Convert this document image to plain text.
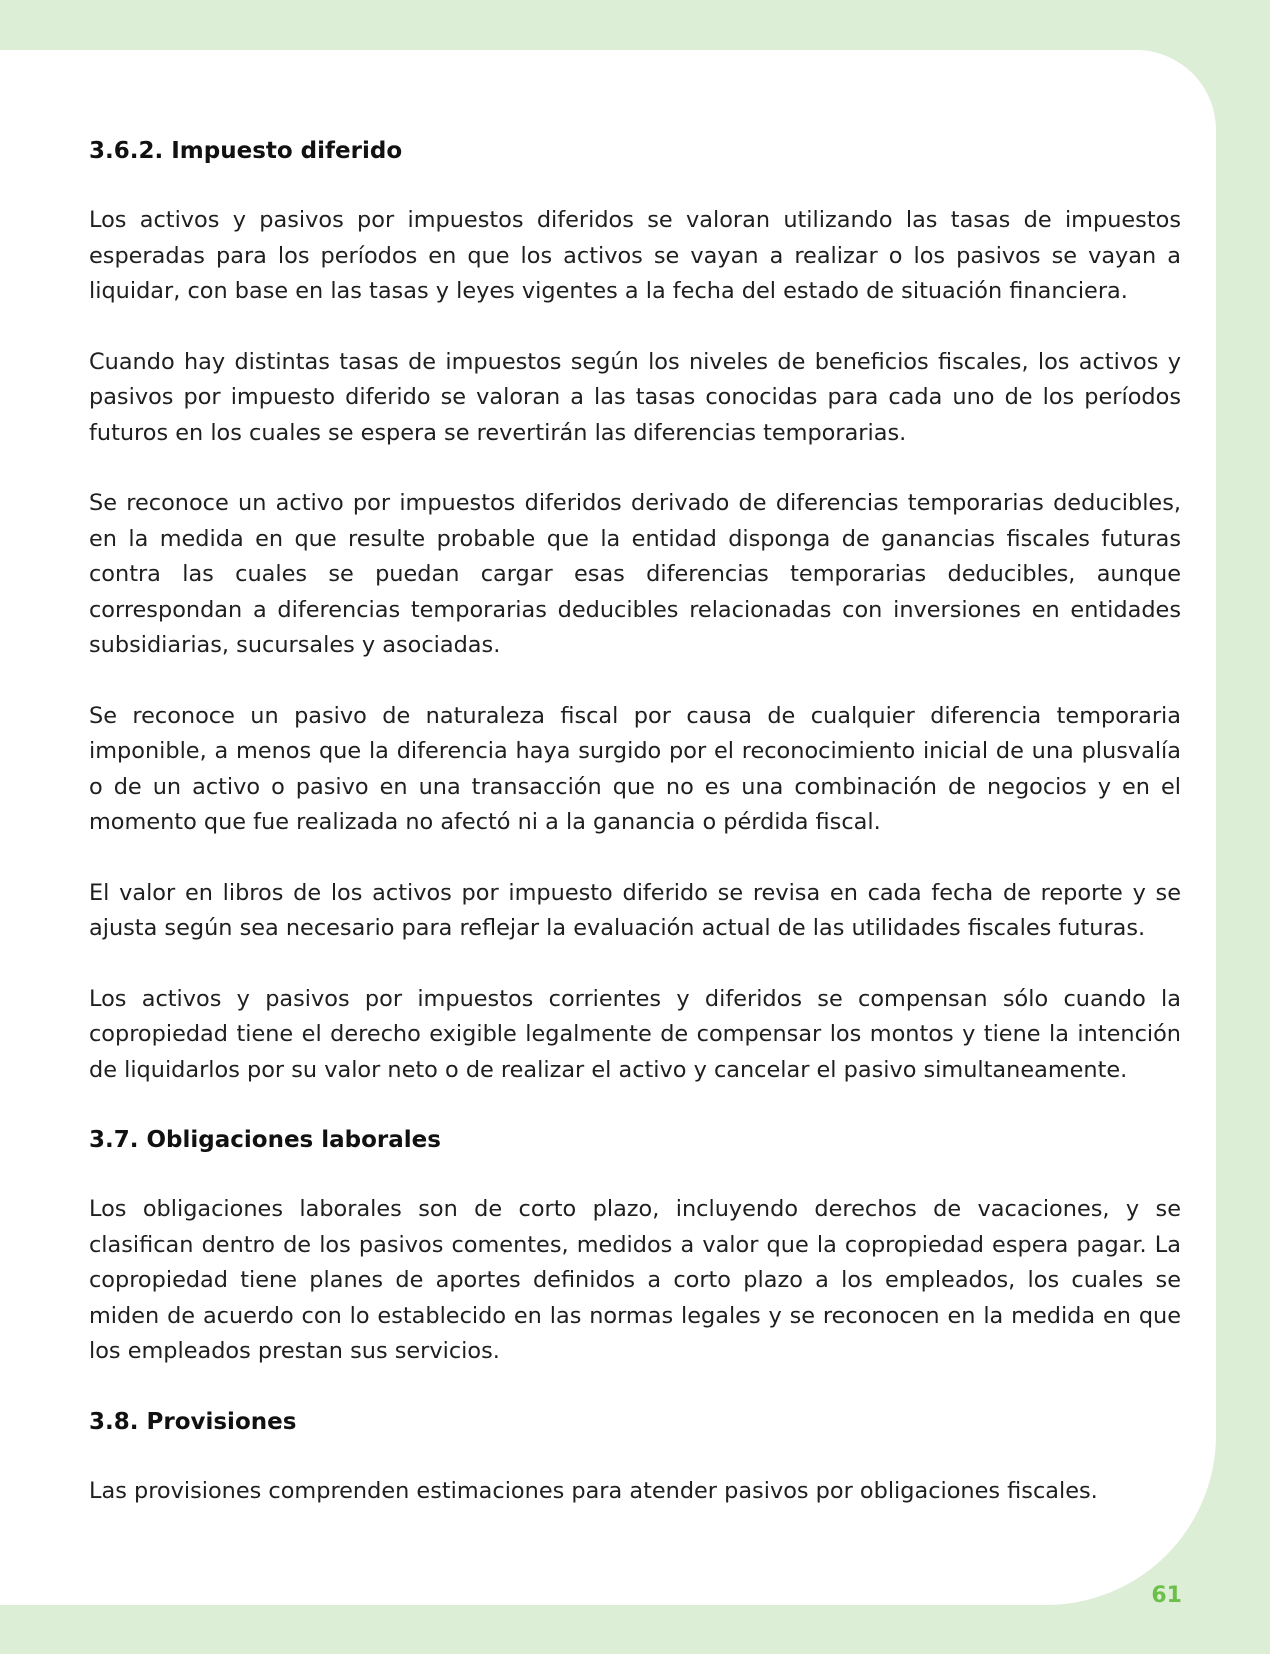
3.6.2. Impuesto diferido

Los activos y pasivos por impuestos diferidos se valoran utilizando las tasas de impuestos esperadas para los períodos en que los activos se vayan a realizar o los pasivos se vayan a liquidar, con base en las tasas y leyes vigentes a la fecha del estado de situación financiera.

Cuando hay distintas tasas de impuestos según los niveles de beneficios fiscales, los activos y pasivos por impuesto diferido se valoran a las tasas conocidas para cada uno de los períodos futuros en los cuales se espera se revertirán las diferencias temporarias.

Se reconoce un activo por impuestos diferidos derivado de diferencias temporarias deducibles, en la medida en que resulte probable que la entidad disponga de ganancias fiscales futuras contra las cuales se puedan cargar esas diferencias temporarias deducibles, aunque correspondan a diferencias temporarias deducibles relacionadas con inversiones en entidades subsidiarias, sucursales y asociadas.

Se reconoce un pasivo de naturaleza fiscal por causa de cualquier diferencia temporaria imponible, a menos que la diferencia haya surgido por el reconocimiento inicial de una plusvalía o de un activo o pasivo en una transacción que no es una combinación de negocios y en el momento que fue realizada no afectó ni a la ganancia o pérdida fiscal.

El valor en libros de los activos por impuesto diferido se revisa en cada fecha de reporte y se ajusta según sea necesario para reflejar la evaluación actual de las utilidades fiscales futuras.

Los activos y pasivos por impuestos corrientes y diferidos se compensan sólo cuando la copropiedad tiene el derecho exigible legalmente de compensar los montos y tiene la intención de liquidarlos por su valor neto o de realizar el activo y cancelar el pasivo simultaneamente.

3.7. Obligaciones laborales

Los obligaciones laborales son de corto plazo, incluyendo derechos de vacaciones, y se clasifican dentro de los pasivos comentes, medidos a valor que la copropiedad espera pagar. La copropiedad tiene planes de aportes definidos a corto plazo a los empleados, los cuales se miden de acuerdo con lo establecido en las normas legales y se reconocen en la medida en que los empleados prestan sus servicios.

3.8. Provisiones

Las provisiones comprenden estimaciones para atender pasivos por obligaciones fiscales.

61
